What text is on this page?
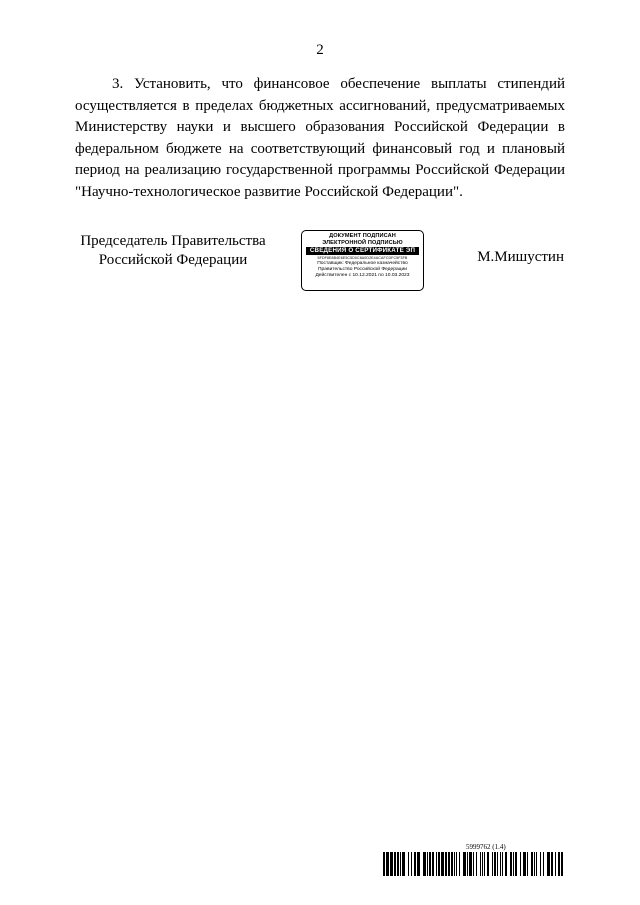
2

3. Установить, что финансовое обеспечение выплаты стипендий осуществляется в пределах бюджетных ассигнований, предусматриваемых Министерству науки и высшего образования Российской Федерации в федеральном бюджете на соответствующий финансовый год и плановый период на реализацию государственной программы Российской Федерации "Научно-технологическое развитие Российской Федерации".

Председатель Правительства
Российской Федерации
ДОКУМЕНТ ПОДПИСАН
ЭЛЕКТРОННОЙ ПОДПИСЬЮ
СВЕДЕНИЯ О СЕРТИФИКАТЕ ЭП
5FDF8E8B4E6E5C5D0C8A0D2E4ACAFCDFC5F3FB
Поставщик: Федеральное казначейство
Правительство Российской Федерации
Действителен с 10.12.2021 по 10.03.2023
М.Мишустин
5999762 (1.4)
